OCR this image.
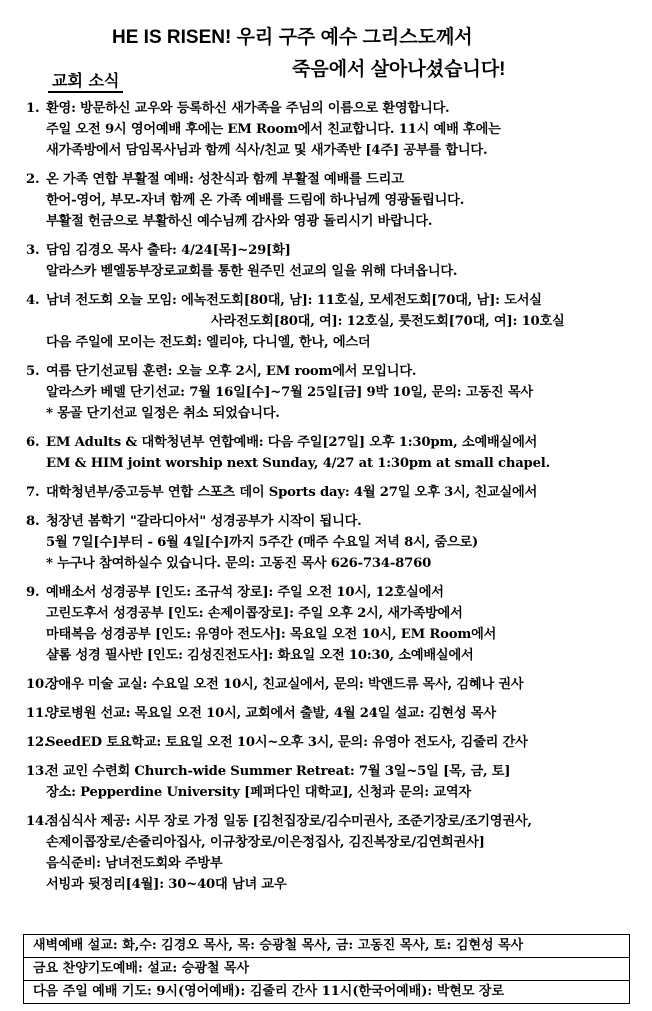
HE IS RISEN! 우리 구주 예수 그리스도께서
죽음에서 살아나셨습니다!
교회 소식
1. 환영: 방문하신 교우와 등록하신 새가족을 주님의 이름으로 환영합니다.
주일 오전 9시 영어예배 후에는 EM Room에서 친교합니다. 11시 예배 후에는
새가족방에서 담임목사님과 함께 식사/친교 및 새가족반 [4주] 공부를 합니다.
2. 온 가족 연합 부활절 예배: 성찬식과 함께 부활절 예배를 드리고
한어-영어, 부모-자녀 함께 온 가족 예배를 드림에 하나님께 영광돌립니다.
부활절 헌금으로 부활하신 예수님께 감사와 영광 돌리시기 바랍니다.
3. 담임 김경오 목사 출타: 4/24[목]~29[화]
알라스카 벧엘동부장로교회를 통한 원주민 선교의 일을 위해 다녀옵니다.
4. 남녀 전도회 오늘 모임: 에녹전도회[80대, 남]: 11호실, 모세전도회[70대, 남]: 도서실
사라전도회[80대, 여]: 12호실, 룻전도회[70대, 여]: 10호실
다음 주일에 모이는 전도회: 엘리야, 다니엘, 한나, 에스더
5. 여름 단기선교팀 훈련: 오늘 오후 2시, EM room에서 모입니다.
알라스카 베델 단기선교: 7월 16일[수]~7월 25일[금] 9박 10일, 문의: 고동진 목사
* 몽골 단기선교 일정은 취소 되었습니다.
6. EM Adults & 대학청년부 연합예배: 다음 주일[27일] 오후 1:30pm, 소예배실에서
EM & HIM joint worship next Sunday, 4/27 at 1:30pm at small chapel.
7. 대학청년부/중고등부 연합 스포츠 데이 Sports day: 4월 27일 오후 3시, 친교실에서
8. 청장년 봄학기 "갈라디아서" 성경공부가 시작이 됩니다.
5월 7일[수]부터 - 6월 4일[수]까지 5주간 (매주 수요일 저녁 8시, 줌으로)
* 누구나 참여하실수 있습니다. 문의: 고동진 목사 626-734-8760
9. 예배소서 성경공부 [인도: 조규석 장로]: 주일 오전 10시, 12호실에서
고린도후서 성경공부 [인도: 손제이콥장로]: 주일 오후 2시, 새가족방에서
마태복음 성경공부 [인도: 유영아 전도사]: 목요일 오전 10시, EM Room에서
샬롬 성경 필사반 [인도: 김성진전도사]: 화요일 오전 10:30, 소예배실에서
10.
장애우 미술 교실: 수요일 오전 10시, 친교실에서, 문의: 박앤드류 목사, 김혜나 권사
11.
양로병원 선교: 목요일 오전 10시, 교회에서 출발, 4월 24일 설교: 김현성 목사
12.
SeedED 토요학교: 토요일 오전 10시~오후 3시, 문의: 유영아 전도사, 김줄리 간사
13.
전 교인 수련회 Church-wide Summer Retreat: 7월 3일~5일 [목, 금, 토]
장소: Pepperdine University [페퍼다인 대학교], 신청과 문의: 교역자
14.
점심식사 제공: 시무 장로 가정 일동 [김천집장로/김수미권사, 조준기장로/조기영권사,
손제이콥장로/손줄리아집사, 이규창장로/이은정집사, 김진복장로/김연희권사]
음식준비: 남녀전도회와 주방부
서빙과 뒷정리[4월]: 30~40대 남녀 교우
새벽예배 설교: 화,수: 김경오 목사, 목: 승광철 목사, 금: 고동진 목사, 토: 김현성 목사
금요 찬양기도예배: 설교: 승광철 목사
다음 주일 예배 기도: 9시(영어예배): 김줄리 간사 11시(한국어예배): 박현모 장로
